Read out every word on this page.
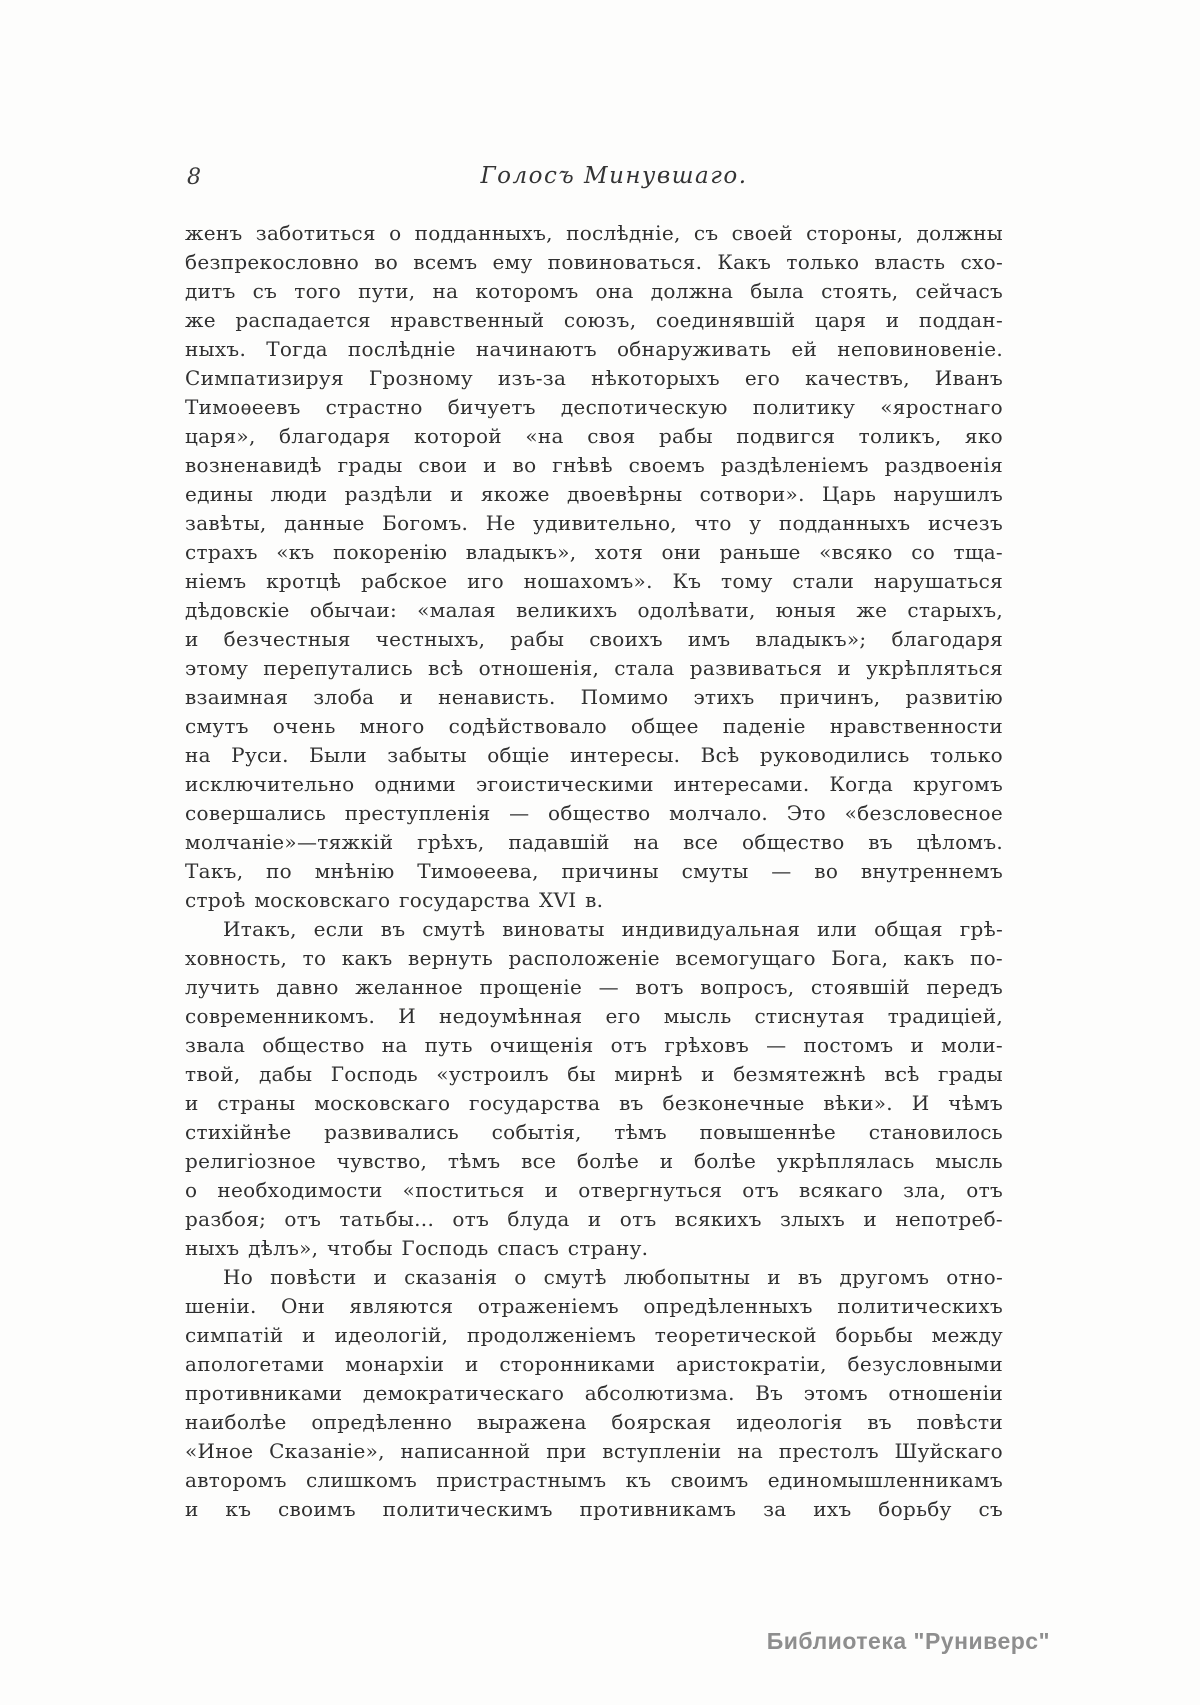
8	Голосъ Минувшаго.
женъ заботиться о подданныхъ, послѣдніе, съ своей стороны, должны
безпрекословно во всемъ ему повиноваться. Какъ только власть схо-
дитъ съ того пути, на которомъ она должна была стоять, сейчасъ
же распадается нравственный союзъ, соединявшій царя и поддан-
ныхъ. Тогда послѣдніе начинаютъ обнаруживать ей неповиновеніе.
Симпатизируя Грозному изъ-за нѣкоторыхъ его качествъ, Иванъ
Тимоѳеевъ страстно бичуетъ деспотическую политику «яростнаго
царя», благодаря которой «на своя рабы подвигся толикъ, яко
возненавидѣ грады свои и во гнѣвѣ своемъ раздѣленіемъ раздвоенія
едины люди раздѣли и якоже двоевѣрны сотвори». Царь нарушилъ
завѣты, данные Богомъ. Не удивительно, что у подданныхъ исчезъ
страхъ «къ покоренію владыкъ», хотя они раньше «всяко со тща-
ніемъ кротцѣ рабское иго ношахомъ». Къ тому стали нарушаться
дѣдовскіе обычаи: «малая великихъ одолѣвати, юныя же старыхъ,
и безчестныя честныхъ, рабы своихъ имъ владыкъ»; благодаря
этому перепутались всѣ отношенія, стала развиваться и укрѣпляться
взаимная злоба и ненависть. Помимо этихъ причинъ, развитію
смутъ очень много содѣйствовало общее паденіе нравственности
на Руси. Были забыты общіе интересы. Всѣ руководились только
исключительно одними эгоистическими интересами. Когда кругомъ
совершались преступленія — общество молчало. Это «безсловесное
молчаніе»—тяжкій грѣхъ, падавшій на все общество въ цѣломъ.
Такъ, по мнѣнію Тимоѳеева, причины смуты — во внутреннемъ
строѣ московскаго государства XVI в.
Итакъ, если въ смутѣ виноваты индивидуальная или общая грѣ-
ховность, то какъ вернуть расположеніе всемогущаго Бога, какъ по-
лучить давно желанное прощеніе — вотъ вопросъ, стоявшій передъ
современникомъ. И недоумѣнная его мысль стиснутая традиціей,
звала общество на путь очищенія отъ грѣховъ — постомъ и моли-
твой, дабы Господь «устроилъ бы мирнѣ и безмятежнѣ всѣ грады
и страны московскаго государства въ безконечные вѣки». И чѣмъ
стихійнѣе развивались событія, тѣмъ повышеннѣе становилось
религіозное чувство, тѣмъ все болѣе и болѣе укрѣплялась мысль
о необходимости «поститься и отвергнуться отъ всякаго зла, отъ
разбоя; отъ татьбы... отъ блуда и отъ всякихъ злыхъ и непотреб-
ныхъ дѣлъ», чтобы Господь спасъ страну.
Но повѣсти и сказанія о смутѣ любопытны и въ другомъ отно-
шеніи. Они являются отраженіемъ опредѣленныхъ политическихъ
симпатій и идеологій, продолженіемъ теоретической борьбы между
апологетами монархіи и сторонниками аристократіи, безусловными
противниками демократическаго абсолютизма. Въ этомъ отношеніи
наиболѣе опредѣленно выражена боярская идеологія въ повѣсти
«Иное Сказаніе», написанной при вступленіи на престолъ Шуйскаго
авторомъ слишкомъ пристрастнымъ къ своимъ единомышленникамъ
и къ своимъ политическимъ противникамъ за ихъ борьбу съ
Библиотека "Руниверс"
